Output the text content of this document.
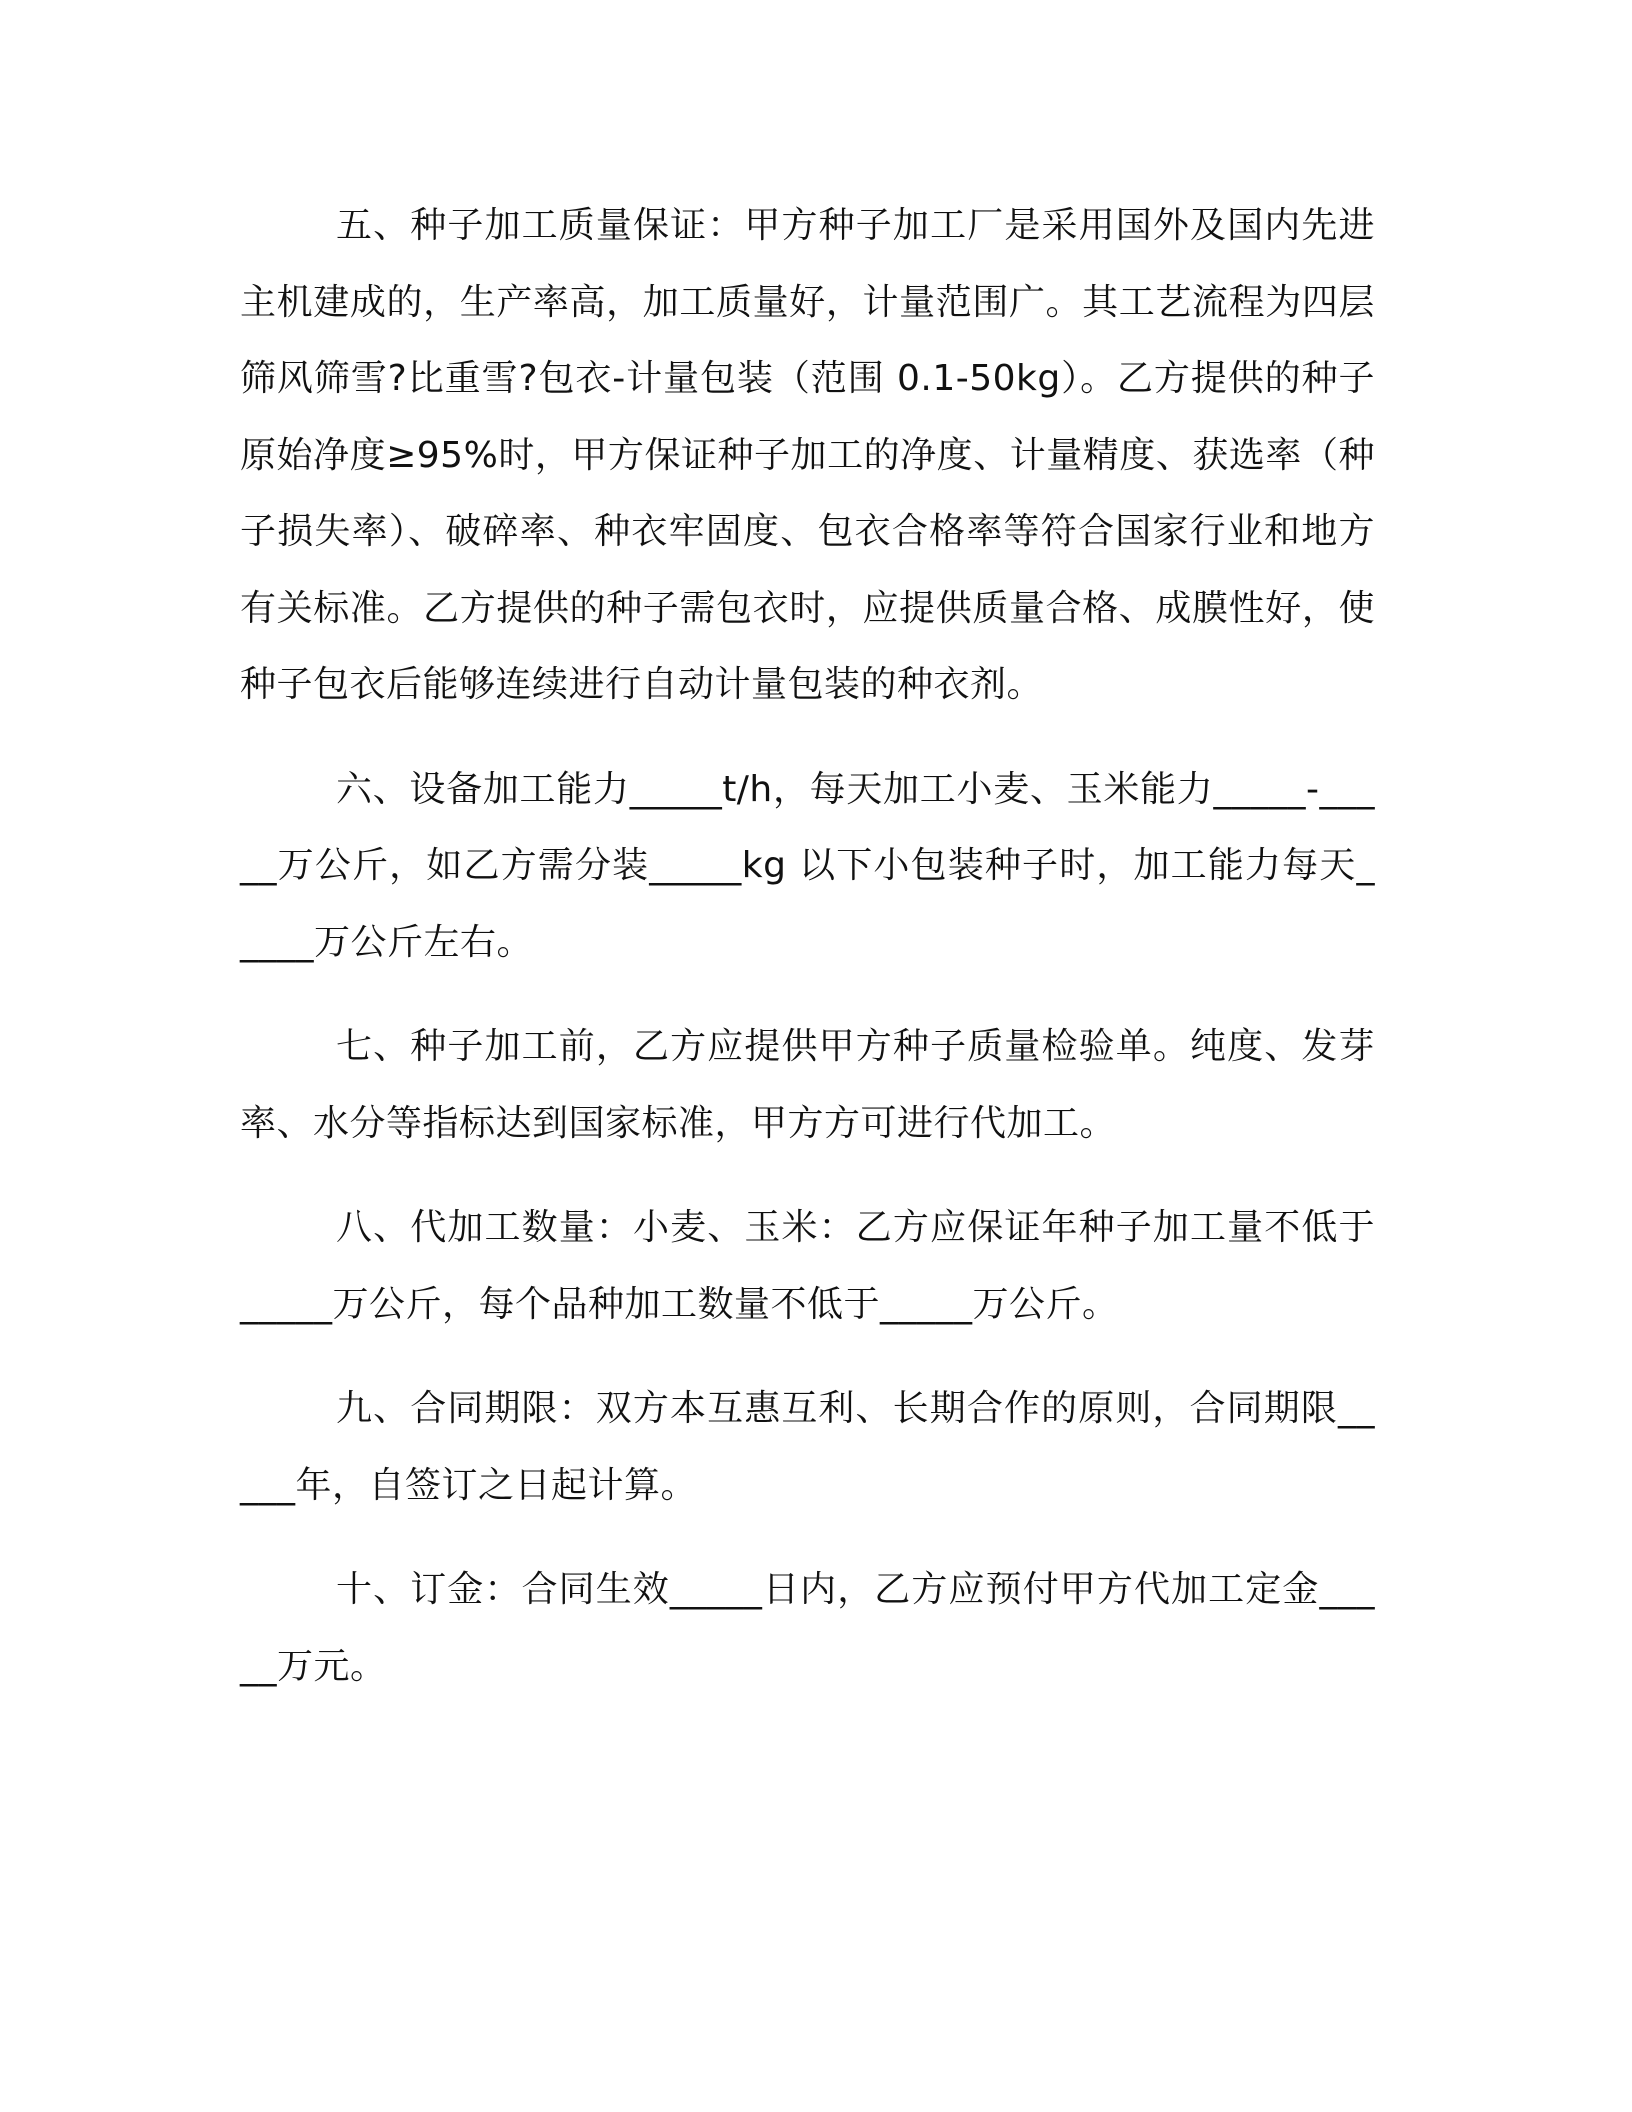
五、种子加工质量保证：甲方种子加工厂是采用国外及国内先进主机建成的，生产率高，加工质量好，计量范围广。其工艺流程为四层筛风筛雪?比重雪?包衣-计量包装（范围 0.1-50kg）。乙方提供的种子原始净度≥95%时，甲方保证种子加工的净度、计量精度、获选率（种子损失率）、破碎率、种衣牢固度、包衣合格率等符合国家行业和地方有关标准。乙方提供的种子需包衣时，应提供质量合格、成膜性好，使种子包衣后能够连续进行自动计量包装的种衣剂。

六、设备加工能力_____t/h，每天加工小麦、玉米能力_____-_____万公斤，如乙方需分装_____kg 以下小包装种子时，加工能力每天_____万公斤左右。

七、种子加工前，乙方应提供甲方种子质量检验单。纯度、发芽率、水分等指标达到国家标准，甲方方可进行代加工。

八、代加工数量：小麦、玉米：乙方应保证年种子加工量不低于_____万公斤，每个品种加工数量不低于_____万公斤。

九、合同期限：双方本互惠互利、长期合作的原则，合同期限_____年，自签订之日起计算。

十、订金：合同生效_____日内，乙方应预付甲方代加工定金_____万元。
